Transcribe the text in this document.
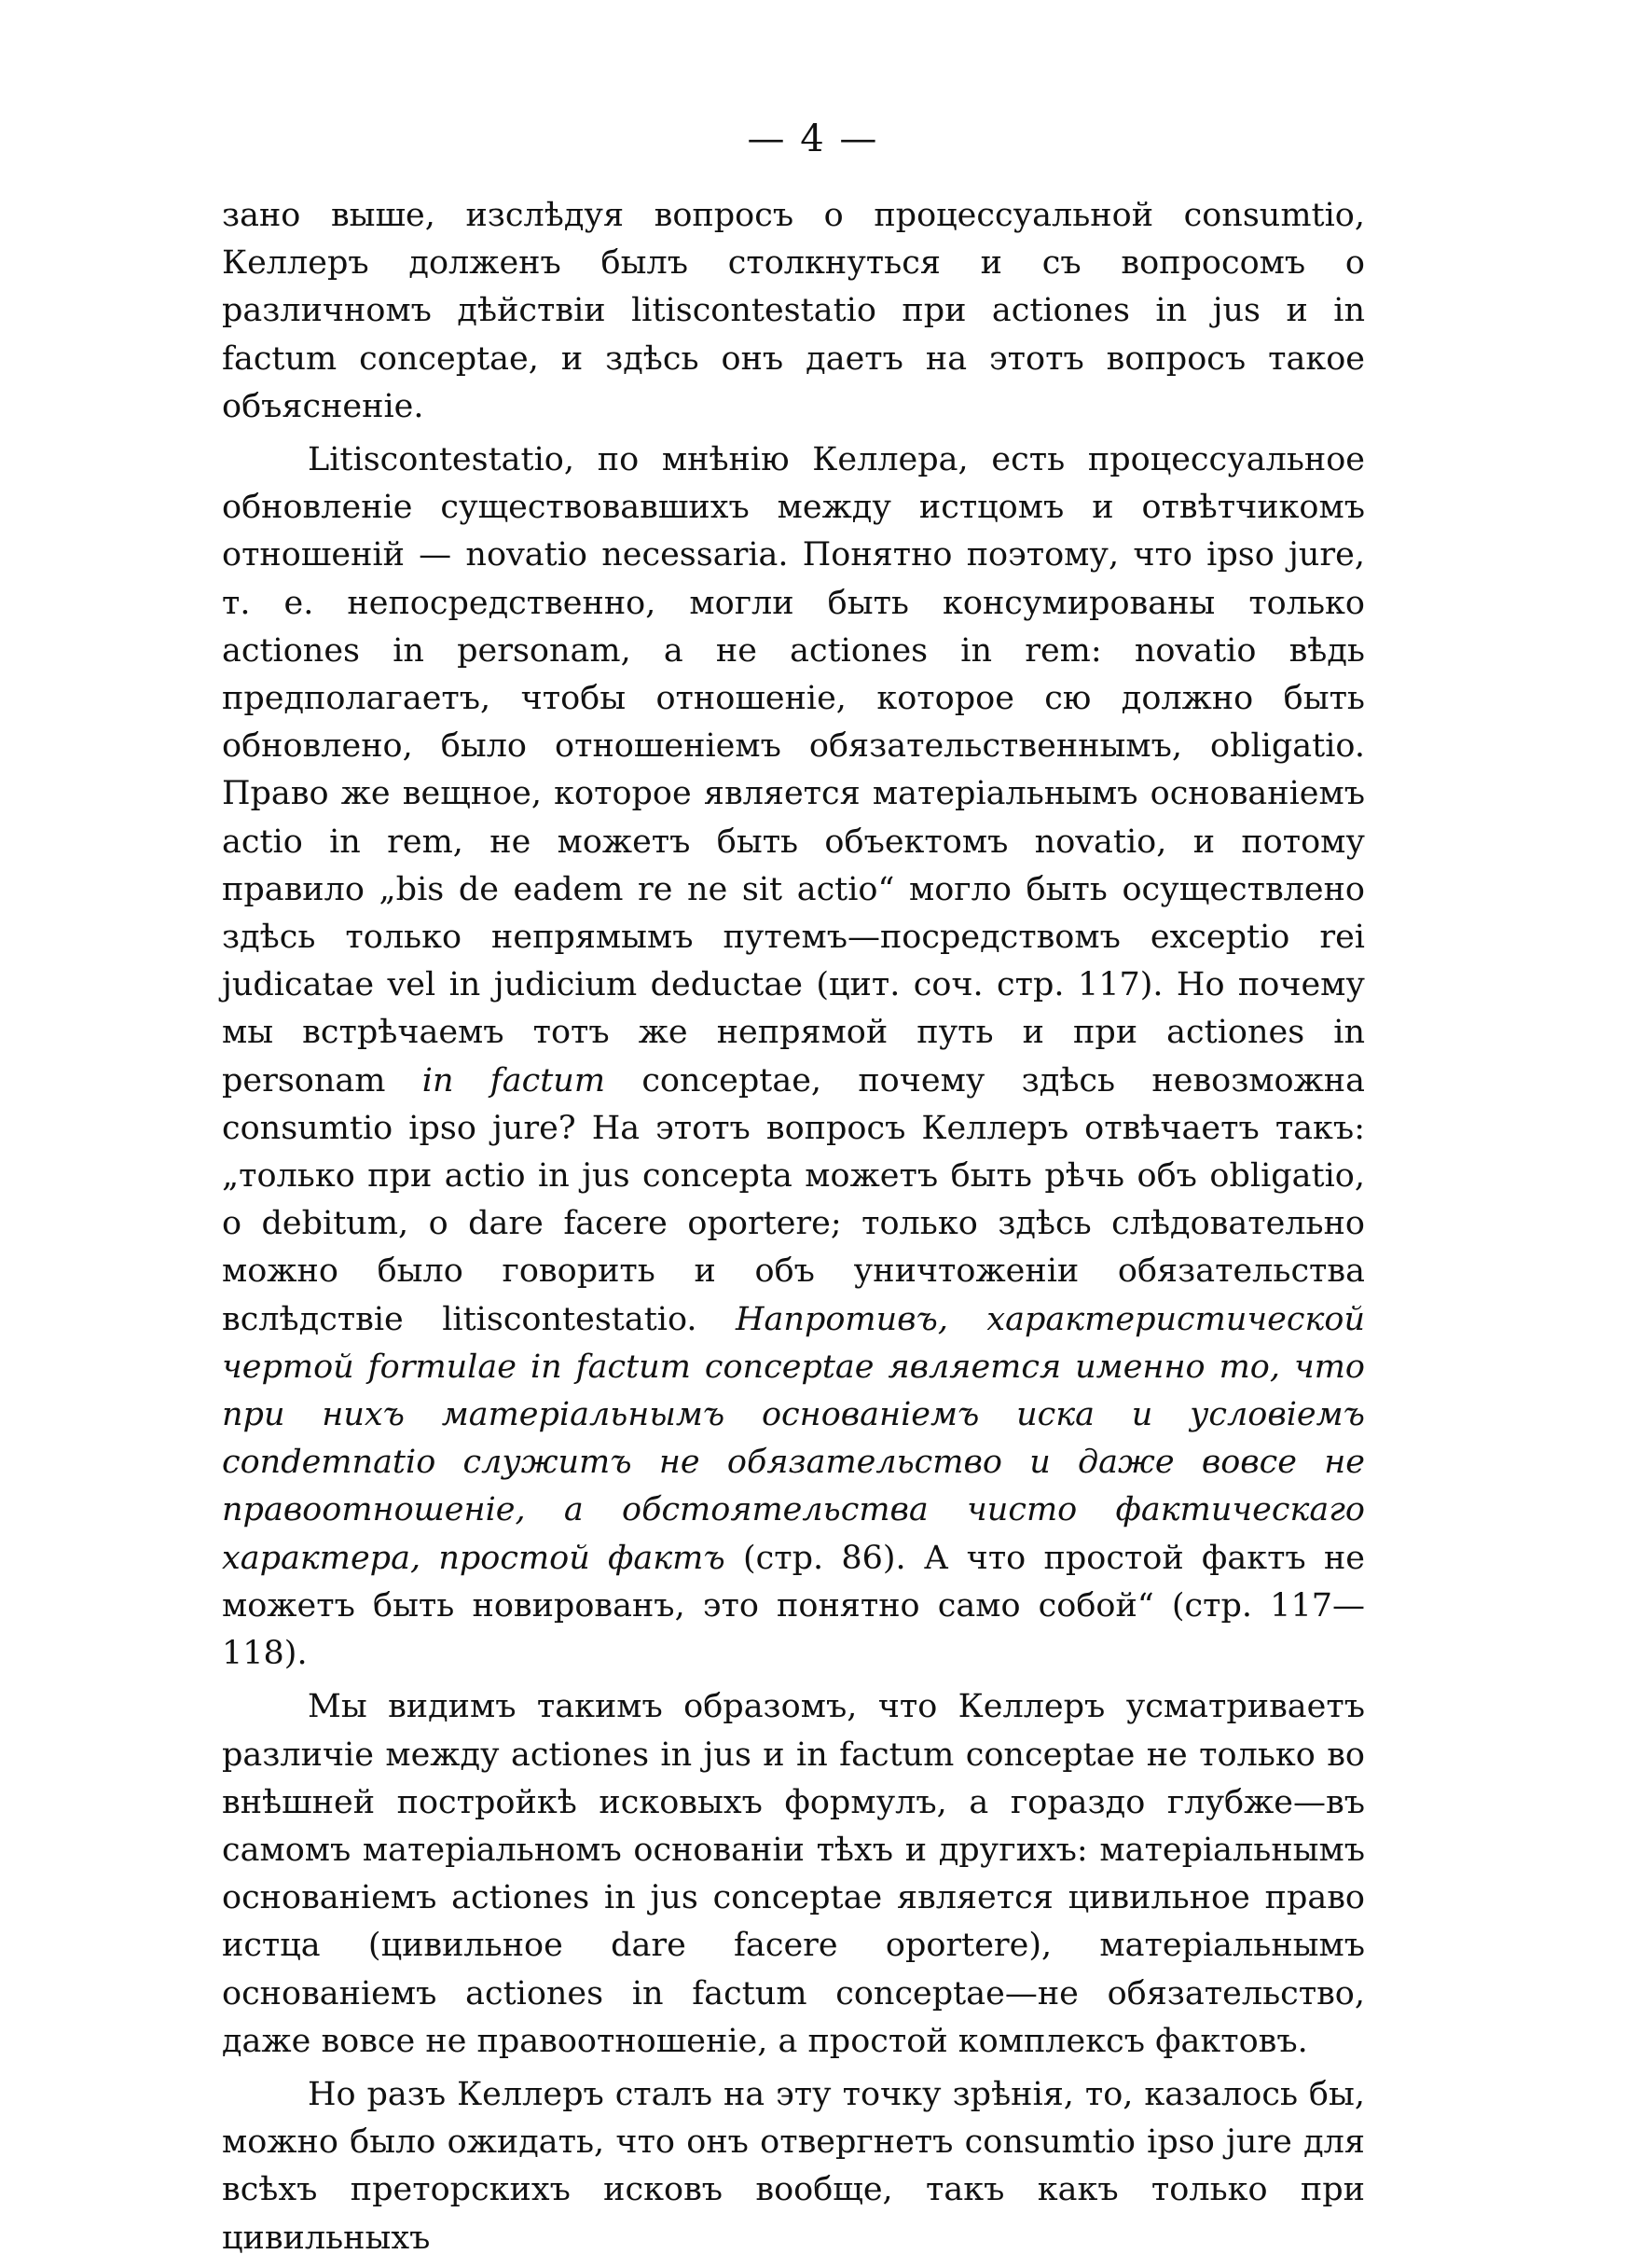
— 4 —

зано выше, изслѣдуя вопросъ о процессуальной consumtio, Келлеръ долженъ былъ столкнуться и съ вопросомъ о различномъ дѣйствіи litiscontestatio при actiones in jus и in factum conceptae, и здѣсь онъ даетъ на этотъ вопросъ такое объясненіе.

Litiscontestatio, по мнѣнію Келлера, есть процессуальное обновленіе существовавшихъ между истцомъ и отвѣтчикомъ отношеній — novatio necessaria. Понятно поэтому, что ipso jure, т. е. непосредственно, могли быть консумированы только actiones in personam, а не actiones in rem: novatio вѣдь предполагаетъ, чтобы отношеніе, которое сю должно быть обновлено, было отношеніемъ обязательственнымъ, obligatio. Право же вещное, которое является матеріальнымъ основаніемъ actio in rem, не можетъ быть объектомъ novatio, и потому правило „bis de eadem re ne sit actio“ могло быть осуществлено здѣсь только непрямымъ путемъ—посредствомъ exceptio rei judicatae vel in judicium deductae (цит. соч. стр. 117). Но почему мы встрѣчаемъ тотъ же непрямой путь и при actiones in personam in factum conceptae, почему здѣсь невозможна consumtio ipso jure? На этотъ вопросъ Келлеръ отвѣчаетъ такъ: „только при actio in jus concepta можетъ быть рѣчь объ obligatio, о debitum, о dare facere oportere; только здѣсь слѣдовательно можно было говорить и объ уничтоженіи обязательства вслѣдствіе litiscontestatio. Напротивъ, характеристической чертой formulae in factum conceptae является именно то, что при нихъ матеріальнымъ основаніемъ иска и условіемъ condemnatio служитъ не обязательство и даже вовсе не правоотношеніе, а обстоятельства чисто фактическаго характера, простой фактъ (стр. 86). А что простой фактъ не можетъ быть новированъ, это понятно само собой“ (стр. 117—118).

Мы видимъ такимъ образомъ, что Келлеръ усматриваетъ различіе между actiones in jus и in factum conceptae не только во внѣшней постройкѣ исковыхъ формулъ, а гораздо глубже—въ самомъ матеріальномъ основаніи тѣхъ и другихъ: матеріальнымъ основаніемъ actiones in jus conceptae является цивильное право истца (цивильное dare facere oportere), матеріальнымъ основаніемъ actiones in factum conceptae—не обязательство, даже вовсе не правоотношеніе, а простой комплексъ фактовъ.

Но разъ Келлеръ сталъ на эту точку зрѣнія, то, казалось бы, можно было ожидать, что онъ отвергнетъ consumtio ipso jure для всѣхъ преторскихъ исковъ вообще, такъ какъ только при цивильныхъ
